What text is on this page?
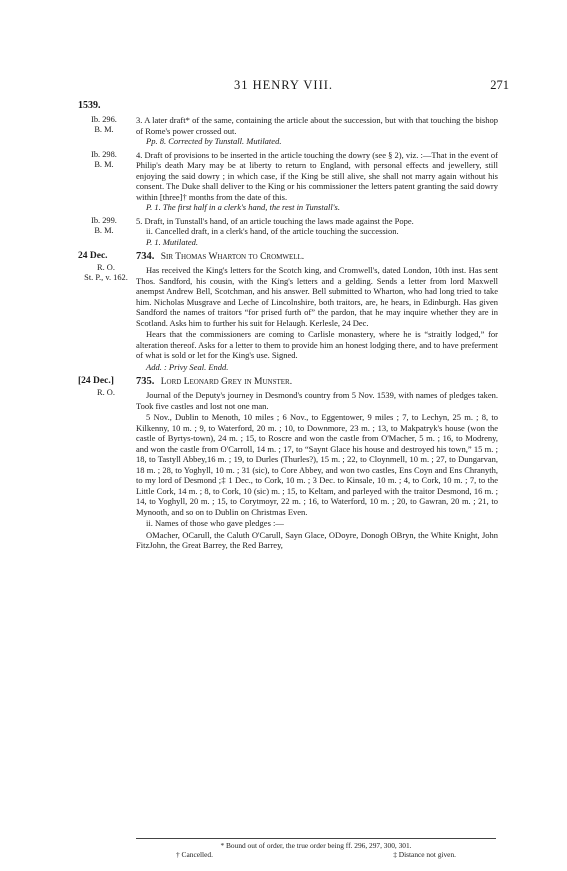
31 HENRY VIII.	271
1539.
Ib. 296.
B. M.
3. A later draft* of the same, containing the article about the succession, but with that touching the bishop of Rome's power crossed out.
Pp. 8. Corrected by Tunstall. Mutilated.
Ib. 298.
B. M.
4. Draft of provisions to be inserted in the article touching the dowry (see § 2), viz. :—That in the event of Philip's death Mary may be at liberty to return to England, with personal effects and jewellery, still enjoying the said dowry ; in which case, if the King be still alive, she shall not marry again without his consent. The Duke shall deliver to the King or his commissioner the letters patent granting the said dowry within [three]† months from the date of this.
P. 1. The first half in a clerk's hand, the rest in Tunstall's.
Ib. 299.
B. M.
5. Draft, in Tunstall's hand, of an article touching the laws made against the Pope.
ii. Cancelled draft, in a clerk's hand, of the article touching the succession.
P. 1. Mutilated.
24 Dec.	734. Sir Thomas Wharton to Cromwell.
R. O.
St. P., v. 162.
Has received the King's letters for the Scotch king, and Cromwell's, dated London, 10th inst. Has sent Thos. Sandford, his cousin, with the King's letters and a gelding. Sends a letter from lord Maxwell anempst Andrew Bell, Scotchman, and his answer. Bell submitted to Wharton, who had long tried to take him. Nicholas Musgrave and Leche of Lincolnshire, both traitors, are, he hears, in Edinburgh. Has given Sandford the names of traitors “for prised furth of” the pardon, that he may inquire whether they are in Scotland. Asks him to further his suit for Helaugh. Kerlesle, 24 Dec.
Hears that the commissioners are coming to Carlisle monastery, where he is “straitly lodged,” for alteration thereof. Asks for a letter to them to provide him an honest lodging there, and to have preferment of what is sold or let for the King's use. Signed.
Add. : Privy Seal. Endd.
[24 Dec.] 735. Lord Leonard Grey in Munster.
R. O.	Journal of the Deputy's journey in Desmond's country from 5 Nov. 1539, with names of pledges taken. Took five castles and lost not one man.
5 Nov., Dublin to Menoth, 10 miles ; 6 Nov., to Eggentower, 9 miles ; 7, to Lechyn, 25 m. ; 8, to Kilkenny, 10 m. ; 9, to Waterford, 20 m. ; 10, to Downmore, 23 m. ; 13, to Makpatryk's house (won the castle of Byrtys-town), 24 m. ; 15, to Roscre and won the castle from O'Macher, 5 m. ; 16, to Modreny, and won the castle from O'Carroll, 14 m. ; 17, to “Saynt Glace his house and destroyed his town,” 15 m. ; 18, to Tastyll Abbey,16 m. ; 19, to Durles (Thurles?), 15 m. ; 22, to Cloynmell, 10 m. ; 27, to Dungarvan, 18 m. ; 28, to Yoghyll, 10 m. ; 31 (sic), to Core Abbey, and won two castles, Ens Coyn and Ens Chranyth, to my lord of Desmond ;‡ 1 Dec., to Cork, 10 m. ; 3 Dec. to Kinsale, 10 m. ; 4, to Cork, 10 m. ; 7, to the Little Cork, 14 m. ; 8, to Cork, 10 (sic) m. ; 15, to Keltam, and parleyed with the traitor Desmond, 16 m. ; 14, to Yoghyll, 20 m. ; 15, to Corytmoyr, 22 m. ; 16, to Waterford, 10 m. ; 20, to Gawran, 20 m. ; 21, to Mynooth, and so on to Dublin on Christmas Even.
ii. Names of those who gave pledges :—
OMacher, OCarull, the Caluth O'Carull, Sayn Glace, ODoyre, Donogh OBryn, the White Knight, John FitzJohn, the Great Barrey, the Red Barrey,
* Bound out of order, the true order being ff. 296, 297, 300, 301.
† Cancelled.	‡ Distance not given.
